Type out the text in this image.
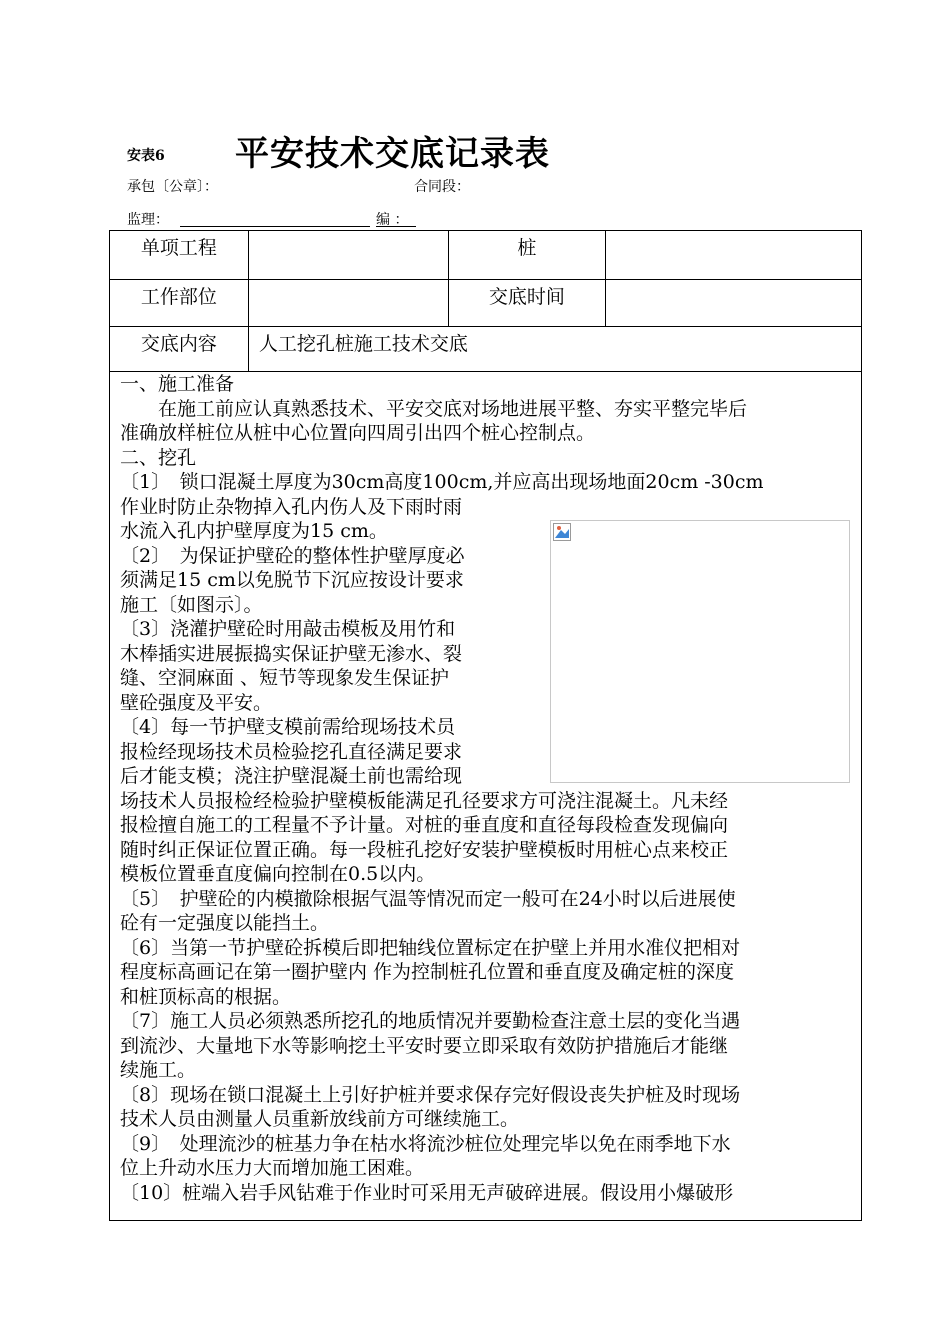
安表6 平安技术交底记录表
承包〔公章〕：	合同段：
监理：	编 ：
单项工程		桩	
工作部位		交底时间	
交底内容	人工挖孔桩施工技术交底		
一、施工准备
　　在施工前应认真熟悉技术、平安交底对场地进展平整、夯实平整完毕后
准确放样桩位从桩中心位置向四周引出四个桩心控制点。
二、挖孔
〔1〕　锁口混凝土厚度为30cm高度100cm,并应高出现场地面20cm -30cm
作业时防止杂物掉入孔内伤人及下雨时雨
水流入孔内护壁厚度为15 cm。
〔2〕　为保证护壁砼的整体性护壁厚度必
须满足15 cm以免脱节下沉应按设计要求
施工〔如图示〕。
〔3〕浇灌护壁砼时用敲击模板及用竹和
木棒插实进展振捣实保证护壁无渗水、裂
缝、空洞麻面 、短节等现象发生保证护
壁砼强度及平安。
〔4〕每一节护壁支模前需给现场技术员
报检经现场技术员检验挖孔直径满足要求
后才能支模；浇注护壁混凝土前也需给现
场技术人员报检经检验护壁模板能满足孔径要求方可浇注混凝土。凡未经
报检擅自施工的工程量不予计量。对桩的垂直度和直径每段检查发现偏向
随时纠正保证位置正确。每一段桩孔挖好安装护壁模板时用桩心点来校正
模板位置垂直度偏向控制在0.5以内。
〔5〕　护壁砼的内模撤除根据气温等情况而定一般可在24小时以后进展使
砼有一定强度以能挡土。
〔6〕当第一节护壁砼拆模后即把轴线位置标定在护壁上并用水准仪把相对
程度标高画记在第一圈护壁内 作为控制桩孔位置和垂直度及确定桩的深度
和桩顶标高的根据。
〔7〕施工人员必须熟悉所挖孔的地质情况并要勤检查注意土层的变化当遇
到流沙、大量地下水等影响挖土平安时要立即采取有效防护措施后才能继
续施工。
〔8〕现场在锁口混凝土上引好护桩并要求保存完好假设丧失护桩及时现场
技术人员由测量人员重新放线前方可继续施工。
〔9〕　处理流沙的桩基力争在枯水将流沙桩位处理完毕以免在雨季地下水
位上升动水压力大而增加施工困难。
〔10〕桩端入岩手风钻难于作业时可采用无声破碎进展。假设用小爆破形
